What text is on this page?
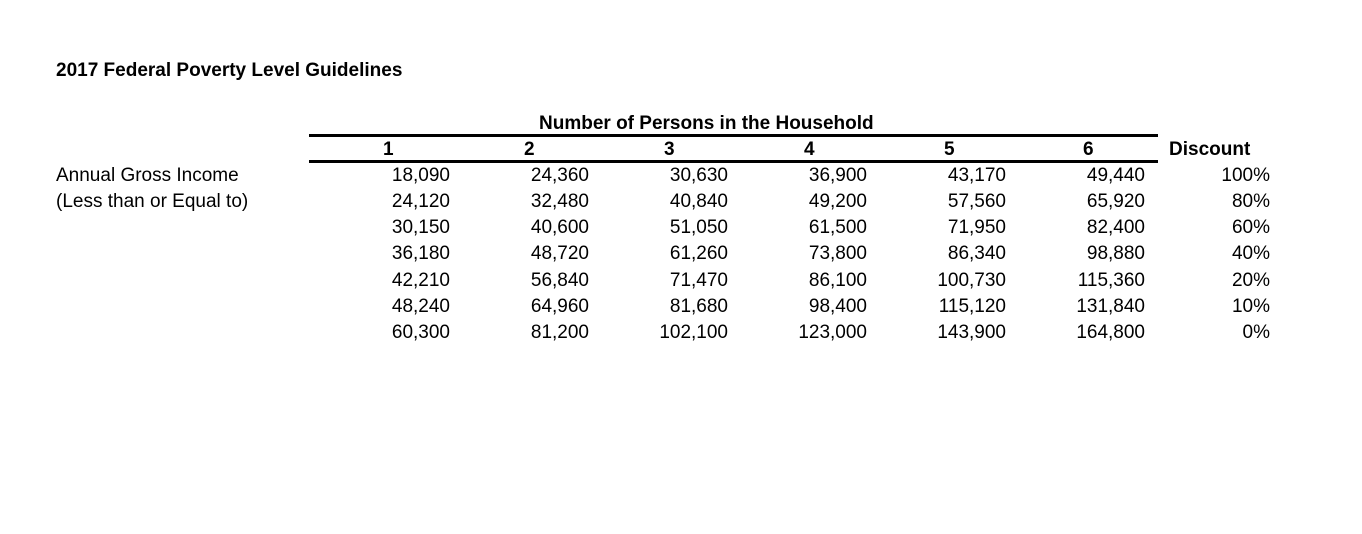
2017 Federal Poverty Level Guidelines
Number of Persons in the Household
1	2	3	4	5	6	Discount
Annual Gross Income
(Less than or Equal to)
18,090	24,360	30,630	36,900	43,170	49,440	100%
24,120	32,480	40,840	49,200	57,560	65,920	80%
30,150	40,600	51,050	61,500	71,950	82,400	60%
36,180	48,720	61,260	73,800	86,340	98,880	40%
42,210	56,840	71,470	86,100	100,730	115,360	20%
48,240	64,960	81,680	98,400	115,120	131,840	10%
60,300	81,200	102,100	123,000	143,900	164,800	0%
